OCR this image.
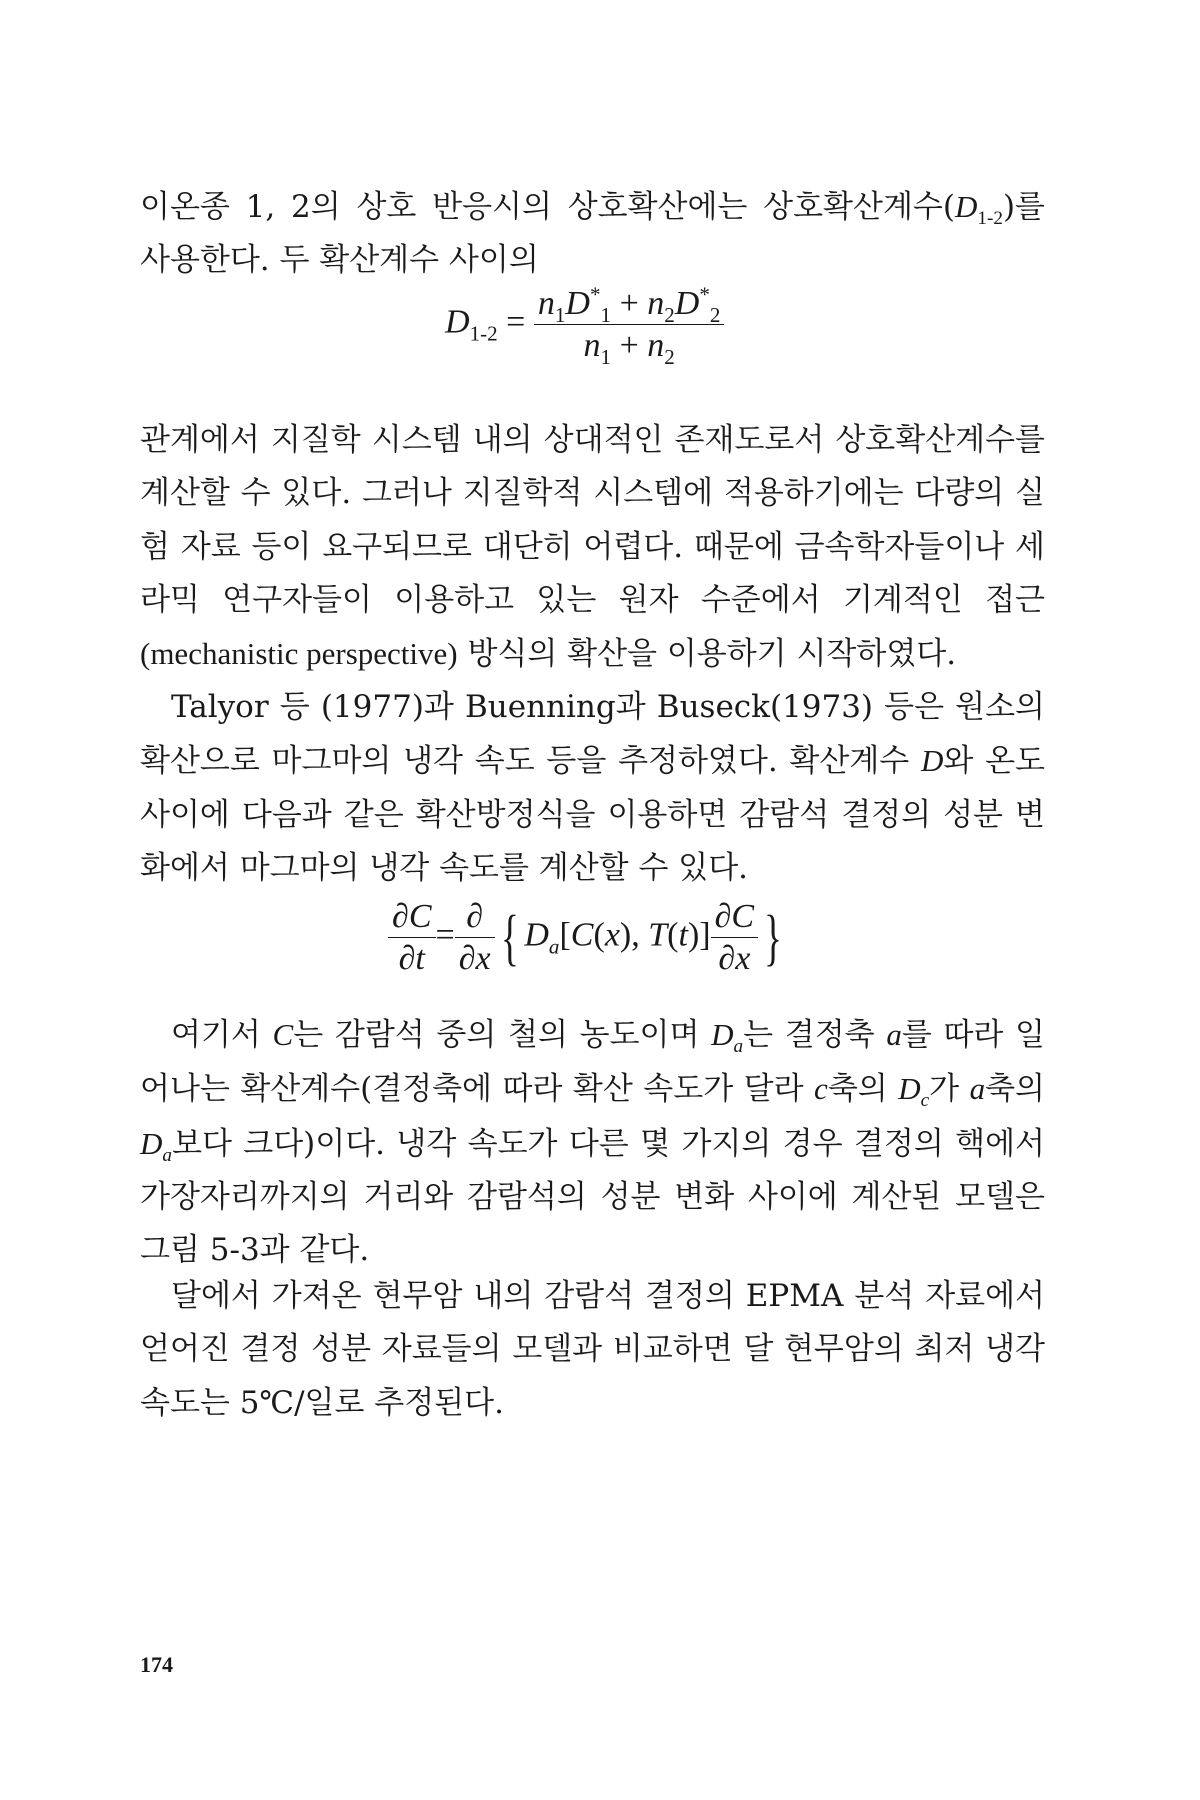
이온종 1, 2의 상호 반응시의 상호확산에는 상호확산계수$(D_{1-2})$를 사용한다. 두 확산계수 사이의

$D_{1-2} = \frac{n_1D^*_1 + n_2D^*_2}{n_1 + n_2}$

관계에서 지질학 시스템 내의 상대적인 존재도로서 상호확산계수를 계산할 수 있다. 그러나 지질학적 시스템에 적용하기에는 다량의 실험 자료 등이 요구되므로 대단히 어렵다. 때문에 금속학자들이나 세라믹 연구자들이 이용하고 있는 원자 수준에서 기계적인 접근(mechanistic perspective) 방식의 확산을 이용하기 시작하였다.

Talyor 등 (1977)과 Buenning과 Buseck(1973) 등은 원소의 확산으로 마그마의 냉각 속도 등을 추정하였다. 확산계수 D와 온도 사이에 다음과 같은 확산방정식을 이용하면 감람석 결정의 성분 변화에서 마그마의 냉각 속도를 계산할 수 있다.

$\frac{\partial C}{\partial t} = \frac{\partial}{\partial x}$ { $D_a[C(x)$, $T(t)] \frac{\partial C}{\partial x}$ }

여기서 C는 감람석 중의 철의 농도이며 $D_a$는 결정축 a를 따라 일어나는 확산계수(결정축에 따라 확산 속도가 달라 c축의 $D_c$가 a축의 $D_a$보다 크다)이다. 냉각 속도가 다른 몇 가지의 경우 결정의 핵에서 가장자리까지의 거리와 감람석의 성분 변화 사이에 계산된 모델은 그림 5-3과 같다.

달에서 가져온 현무암 내의 감람석 결정의 EPMA 분석 자료에서 얻어진 결정 성분 자료들의 모델과 비교하면 달 현무암의 최저 냉각 속도는 5℃/일로 추정된다.

174
